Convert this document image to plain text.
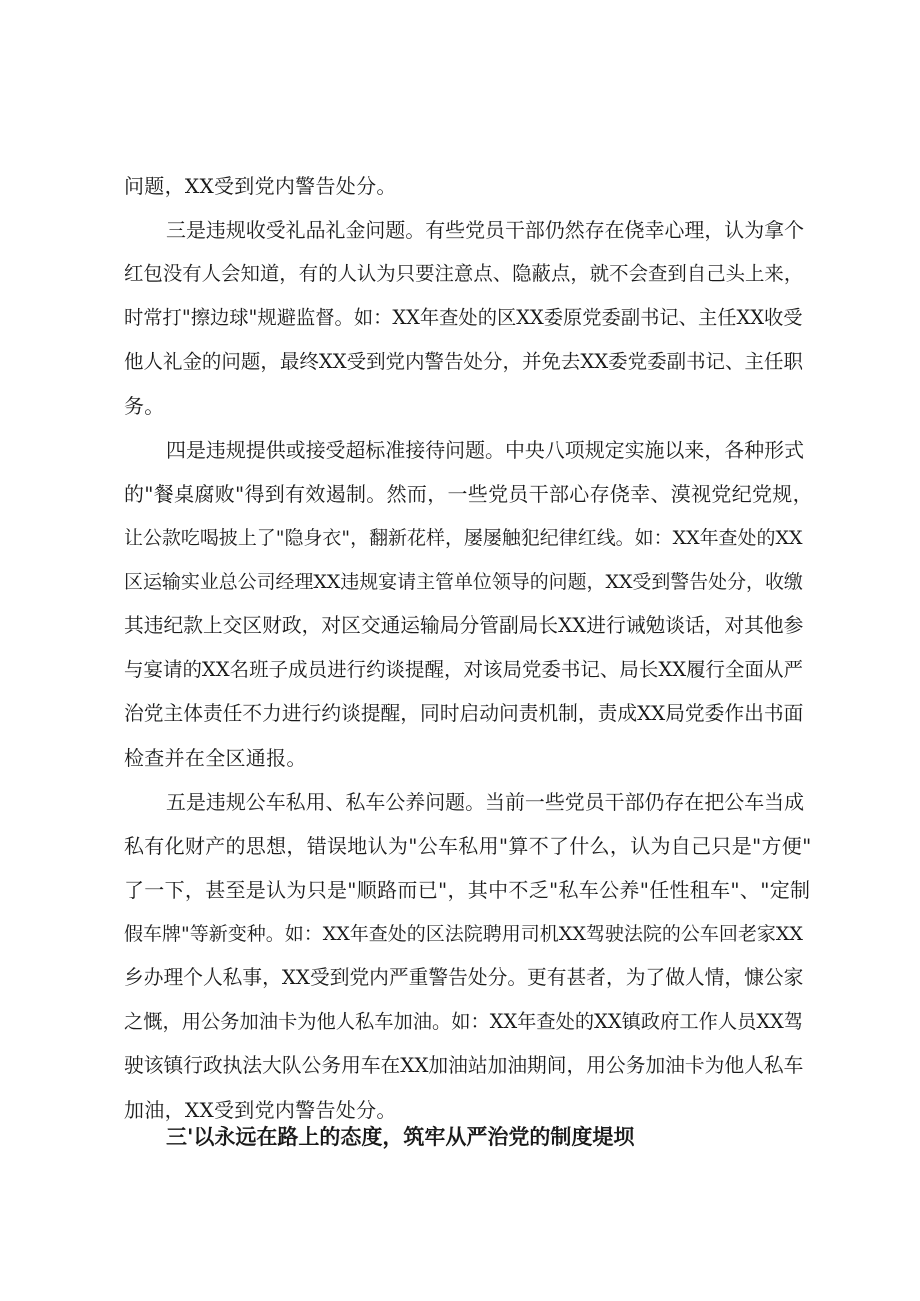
问题，XX受到党内警告处分。
三是违规收受礼品礼金问题。有些党员干部仍然存在侥幸心理，认为拿个
红包没有人会知道，有的人认为只要注意点、隐蔽点，就不会查到自己头上来，
时常打"擦边球"规避监督。如：XX年查处的区XX委原党委副书记、主任XX收受
他人礼金的问题，最终XX受到党内警告处分，并免去XX委党委副书记、主任职
务。
四是违规提供或接受超标准接待问题。中央八项规定实施以来，各种形式
的"餐桌腐败"得到有效遏制。然而，一些党员干部心存侥幸、漠视党纪党规，
让公款吃喝披上了"隐身衣"，翻新花样，屡屡触犯纪律红线。如：XX年查处的XX
区运输实业总公司经理XX违规宴请主管单位领导的问题，XX受到警告处分，收缴
其违纪款上交区财政，对区交通运输局分管副局长XX进行诫勉谈话，对其他参
与宴请的XX名班子成员进行约谈提醒，对该局党委书记、局长XX履行全面从严
治党主体责任不力进行约谈提醒，同时启动问责机制，责成XX局党委作出书面
检查并在全区通报。
五是违规公车私用、私车公养问题。当前一些党员干部仍存在把公车当成
私有化财产的思想，错误地认为"公车私用"算不了什么，认为自己只是"方便"
了一下，甚至是认为只是"顺路而已"，其中不乏"私车公养"任性租车"、"定制
假车牌"等新变种。如：XX年查处的区法院聘用司机XX驾驶法院的公车回老家XX
乡办理个人私事，XX受到党内严重警告处分。更有甚者，为了做人情，慷公家
之慨，用公务加油卡为他人私车加油。如：XX年查处的XX镇政府工作人员XX驾
驶该镇行政执法大队公务用车在XX加油站加油期间，用公务加油卡为他人私车
加油，XX受到党内警告处分。
三'以永远在路上的态度，筑牢从严治党的制度堤坝
